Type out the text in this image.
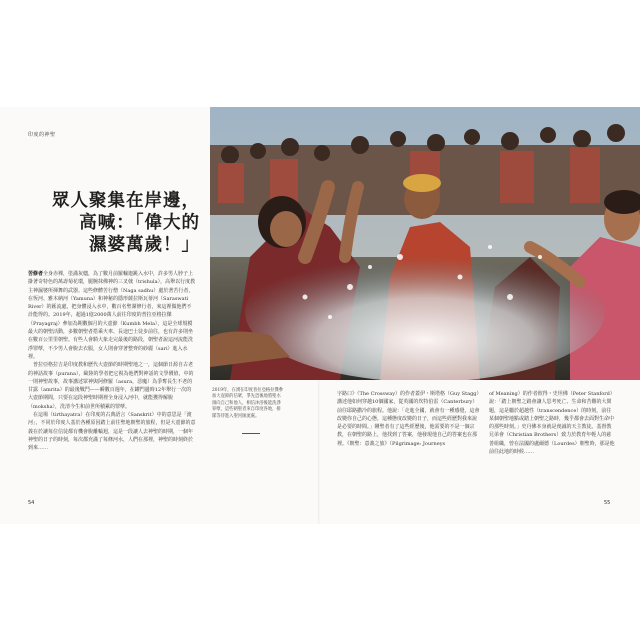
印度的神聖
眾人聚集在岸邊，
高喊：「偉大的
濕婆萬歲！」

苦修者全身赤裸，塗滿灰燼，為了數月前羅輸迦跳入水中，許多男人脖子上掛著奇特色的萬壽菊花環，腿腕抹佛神的三叉戟（trishula），高舉以行度教主神濕婆所揮舞的武器。這些修體苦行僧（Naga sadhu）處於著苦行者，在恆河、雅木納河（Yamuna）和神秘的隱形薩拉斯瓦蒂河（Saraswati River）的匯流處，把身體浸入水中，數百名聖潔修行者，來這裡做他們不計能得的。2019年，超過1億2000萬人前往印度的普拉亞格拉傑（Prayagraj）參加為期數個月的大壺節（Kumbh Mela），這是全球規模最大的朝聖活動，多數朝聖者搭乘火車、長途巴士徒步前往，也有許多則坐在數百公里里朝聖。有些人會騎大象走完最後的路段，朝聖者說這河流能洗淨罪孽，不少男人會脫去衣服，女人則會穿著整齊的紗麗（sari）進入水裡。

　普拉亞格拉吉是印度教和歷代大壺節的時期聖地之一，這個節日源自古老的神話故事（purana），歐陸的學者把它視為他們對神話的文學價值，中的一則神聖故事，故事講述眾神與阿修羅（asura，惡魔）為爭奪長生不老的甘露（amrita）的最後戰鬥——瞬數百週年，在罐門邊時12年舉行一次的大壺節期間，只要在這段神聖時期裡全身浸入河中，就能獲得解脫（moksha），洗清今生和前世所積累的罪孽。

　在這場（tirthayatra）在印度的古典語言（Sanskrit）中的意思是「渡河」，不同於印度人基於各種原因踏上前往聖地朝聖的旅程，但是大壺節的意義在於讓每位信徒都有機會脫離輪迴，這是一段讓人去神聖的時期，一個年神聖的日子的時刻，每次都充滿了每條河水，人們在那裡，神聖的時刻終於到來……

2019年，在湧在印度普拉亞格拉傑參加大壺節的信眾，爭先恐後地將聖水潑向自己和他人，相信沐浴後能洗淨罪孽，這些朝聖者來自印度各地，排隊等待進入聖河匯流處。

字路口》（The Crossway）的作者蓋伊・斯塔格（Guy Stagg）講述他如何穿越10個國家，從英國的坎特伯雷（Canterbury）前往耶路撒冷的旅程。他說：「走進全國，就會有一種感覺，這會改變你自己的心態，這種態度改變的日子，而這些經歷對我來說是必要的時間。」剛聖者有了這些經歷後，他需要的不是一個宗教，在朝聖的路上，他找到了答案，他發現他自己的答案也在那裡。《朝聖：意義之旅》（Pilgrimage: Journeys

of Meaning）的作者彼得・史坦佛（Peter Stanford）說：「踏上朝聖之路會讓人思考死亡、生命和苦難的大問題，這是屬於超越性（transcendence）的時刻，前往某個朝聖地點或踏上朝聖之路時，幾乎都會去面對生命中的那些時刻。」史丹佛本身就是虔誠的天主教徒。基督教兄弟會（Christian Brothers）致力於教育年輕人的慈善組織，曾在法國的盧爾德（Lourdes）朝聖時，那是他前往此地的時候……

54	55
